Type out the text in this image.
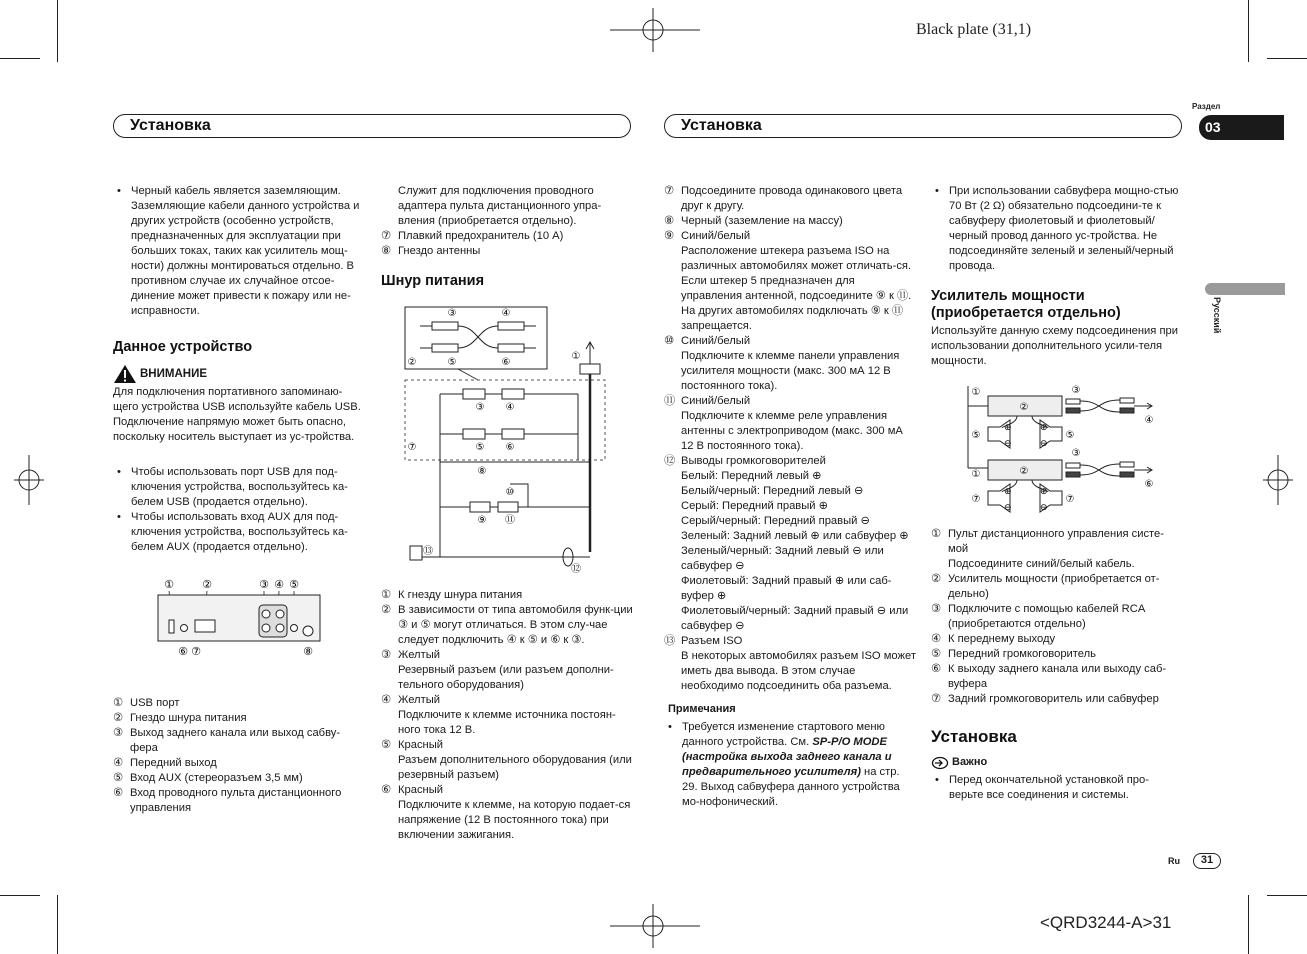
Black plate (31,1)
Установка	Установка
Раздел
03
Русский

• Черный кабель является заземляющим. Заземляющие кабели данного устройства и других устройств (особенно устройств, предназначенных для эксплуатации при больших токах, таких как усилитель мощ-ности) должны монтироваться отдельно. В противном случае их случайное отсое-динение может привести к пожару или не-исправности.

Данное устройство

ВНИМАНИЕ

Для подключения портативного запоминаю-щего устройства USB используйте кабель USB. Подключение напрямую может быть опасно, поскольку носитель выступает из ус-тройства.

• Чтобы использовать порт USB для под-ключения устройства, воспользуйтесь ка-белем USB (продается отдельно).

• Чтобы использовать вход AUX для под-ключения устройства, воспользуйтесь ка-белем AUX (продается отдельно).

①	②	③ ④ ⑤
⑥ ⑦	⑧

① USB порт

② Гнездо шнура питания

③ Выход заднего канала или выход сабву-фера

④ Передний выход

⑤ Вход AUX (стереоразъем 3,5 мм)

⑥ Вход проводного пульта дистанционного управления

Служит для подключения проводного адаптера пульта дистанционного упра-вления (приобретается отдельно).

⑦ Плавкий предохранитель (10 А)

⑧ Гнездо антенны

Шнур питания

③	④
②	⑤	⑥
①
③ ④
⑤ ⑥
⑦
⑧
⑩
⑨ ⑪
⑬
⑫

① К гнезду шнура питания

② В зависимости от типа автомобиля функ-ции ③ и ⑤ могут отличаться. В этом слу-чае следует подключить ④ к ⑤ и ⑥ к ③.

③ Желтый

Резервный разъем (или разъем дополни-тельного оборудования)

④ Желтый

Подключите к клемме источника постоян-ного тока 12 В.

⑤ Красный

Разъем дополнительного оборудования (или резервный разъем)

⑥ Красный

Подключите к клемме, на которую подает-ся напряжение (12 В постоянного тока) при включении зажигания.

⑦ Подсоедините провода одинакового цвета друг к другу.

⑧ Черный (заземление на массу)

⑨ Синий/белый

Расположение штекера разъема ISO на различных автомобилях может отличать-ся. Если штекер 5 предназначен для управления антенной, подсоедините ⑨ к ⑪. На других автомобилях подключать ⑨ к ⑪ запрещается.

⑩ Синий/белый

Подключите к клемме панели управления усилителя мощности (макс. 300 мА 12 В постоянного тока).

⑪ Синий/белый

Подключите к клемме реле управления антенны с электроприводом (макс. 300 мА 12 В постоянного тока).

⑫ Выводы громкоговорителей

Белый: Передний левый ⊕

Белый/черный: Передний левый ⊖

Серый: Передний правый ⊕

Серый/черный: Передний правый ⊖

Зеленый: Задний левый ⊕ или сабвуфер ⊕

Зеленый/черный: Задний левый ⊖ или сабвуфер ⊖

Фиолетовый: Задний правый ⊕ или саб-вуфер ⊕

Фиолетовый/черный: Задний правый ⊖ или сабвуфер ⊖

⑬ Разъем ISO

В некоторых автомобилях разъем ISO может иметь два вывода. В этом случае необходимо подсоединить оба разъема.

Примечания

• Требуется изменение стартового меню данного устройства. См. SP-P/O MODE (настройка выхода заднего канала и предварительного усилителя) на стр. 29. Выход сабвуфера данного устройства мо-нофонический.

• При использовании сабвуфера мощно-стью 70 Вт (2 Ω) обязательно подсоедини-те к сабвуферу фиолетовый и фиолетовый/черный провод данного ус-тройства. Не подсоединяйте зеленый и зеленый/черный провода.

Усилитель мощности (приобретается отдельно)

Используйте данную схему подсоединения при использовании дополнительного усили-теля мощности.

①	③
②
④
⑤
⊕
⊖
⊕
⊖
⑤
③
①	②
⑥
⑦
⊕
⊖
⊕
⊖
⑦

① Пульт дистанционного управления систе-мой

Подсоедините синий/белый кабель.

② Усилитель мощности (приобретается от-дельно)

③ Подключите с помощью кабелей RCA (приобретаются отдельно)

④ К переднему выходу

⑤ Передний громкоговоритель

⑥ К выходу заднего канала или выходу саб-вуфера

⑦ Задний громкоговоритель или сабвуфер

Установка

Важно

• Перед окончательной установкой про-верьте все соединения и системы.

Ru	31
<QRD3244-A>31
